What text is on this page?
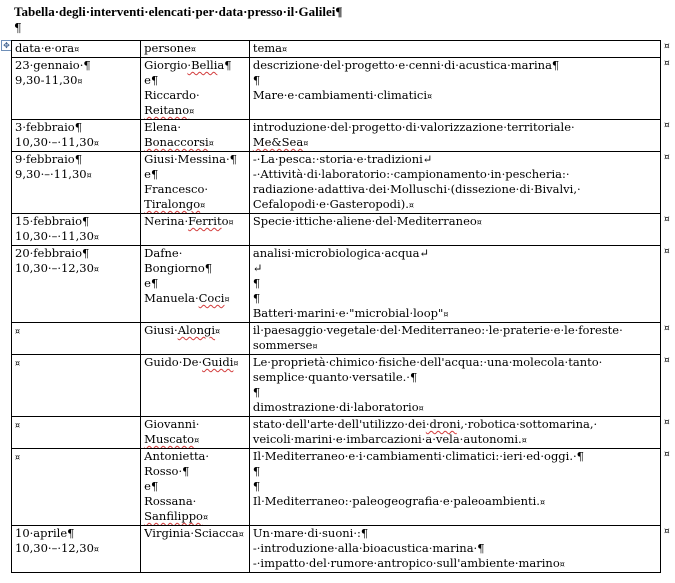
Tabella·degli·interventi·elencati·per·data·presso·il·Galilei¶
¶
✥ data·e·ora¤	persone¤	tema¤

23·gennaio·¶
9,30-11,30¤	Giorgio·Bellia¶
e¶
Riccardo·
Reitano¤	descrizione·del·progetto·e·cenni·di·acustica·marina¶
¶
Mare·e·cambiamenti·climatici¤

3·febbraio¶
10,30·–·11,30¤	Elena·
Bonaccorsi¤	introduzione·del·progetto·di·valorizzazione·territoriale·
Me&Sea¤

9·febbraio¶
9,30·–·11,30¤	Giusi·Messina·¶
e¶
Francesco·
Tiralongo¤	-·La·pesca:·storia·e·tradizioni↵
-·Attività·di·laboratorio:·campionamento·in·pescheria:·
radiazione·adattiva·dei·Molluschi·(dissezione·di·Bivalvi,·
Cefalopodi·e·Gasteropodi).¤

15·febbraio¶
10,30·–·11,30¤	Nerina·Ferrito¤	Specie·ittiche·aliene·del·Mediterraneo¤

20·febbraio¶
10,30·–·12,30¤	Dafne·
Bongiorno¶
e¶
Manuela·Coci¤	analisi·microbiologica·acqua↵
↵
¶
¶
Batteri·marini·e·"microbial·loop"¤

¤	Giusi·Alongi¤	il·paesaggio·vegetale·del·Mediterraneo:·le·praterie·e·le·foreste·
sommerse¤

¤	Guido·De·Guidi¤	Le·proprietà·chimico·fisiche·dell'acqua:·una·molecola·tanto·
semplice·quanto·versatile.·¶
¶
dimostrazione·di·laboratorio¤

¤	Giovanni·
Muscato¤	stato·dell'arte·dell'utilizzo·dei·droni,·robotica·sottomarina,·
veicoli·marini·e·imbarcazioni·a·vela·autonomi.¤

¤	Antonietta·
Rosso·¶
e¶
Rossana·
Sanfilippo¤	Il·Mediterraneo·e·i·cambiamenti·climatici:·ieri·ed·oggi.·¶
¶
¶
Il·Mediterraneo:·paleogeografia·e·paleoambienti.¤

10·aprile¶
10,30·–·12,30¤	Virginia·Sciacca¤	Un·mare·di·suoni·:¶
-·introduzione·alla·bioacustica·marina·¶
-·impatto·del·rumore·antropico·sull'ambiente·marino¤
¤
¤
¤
¤
¤
¤
¤
¤
¤
¤
¤
